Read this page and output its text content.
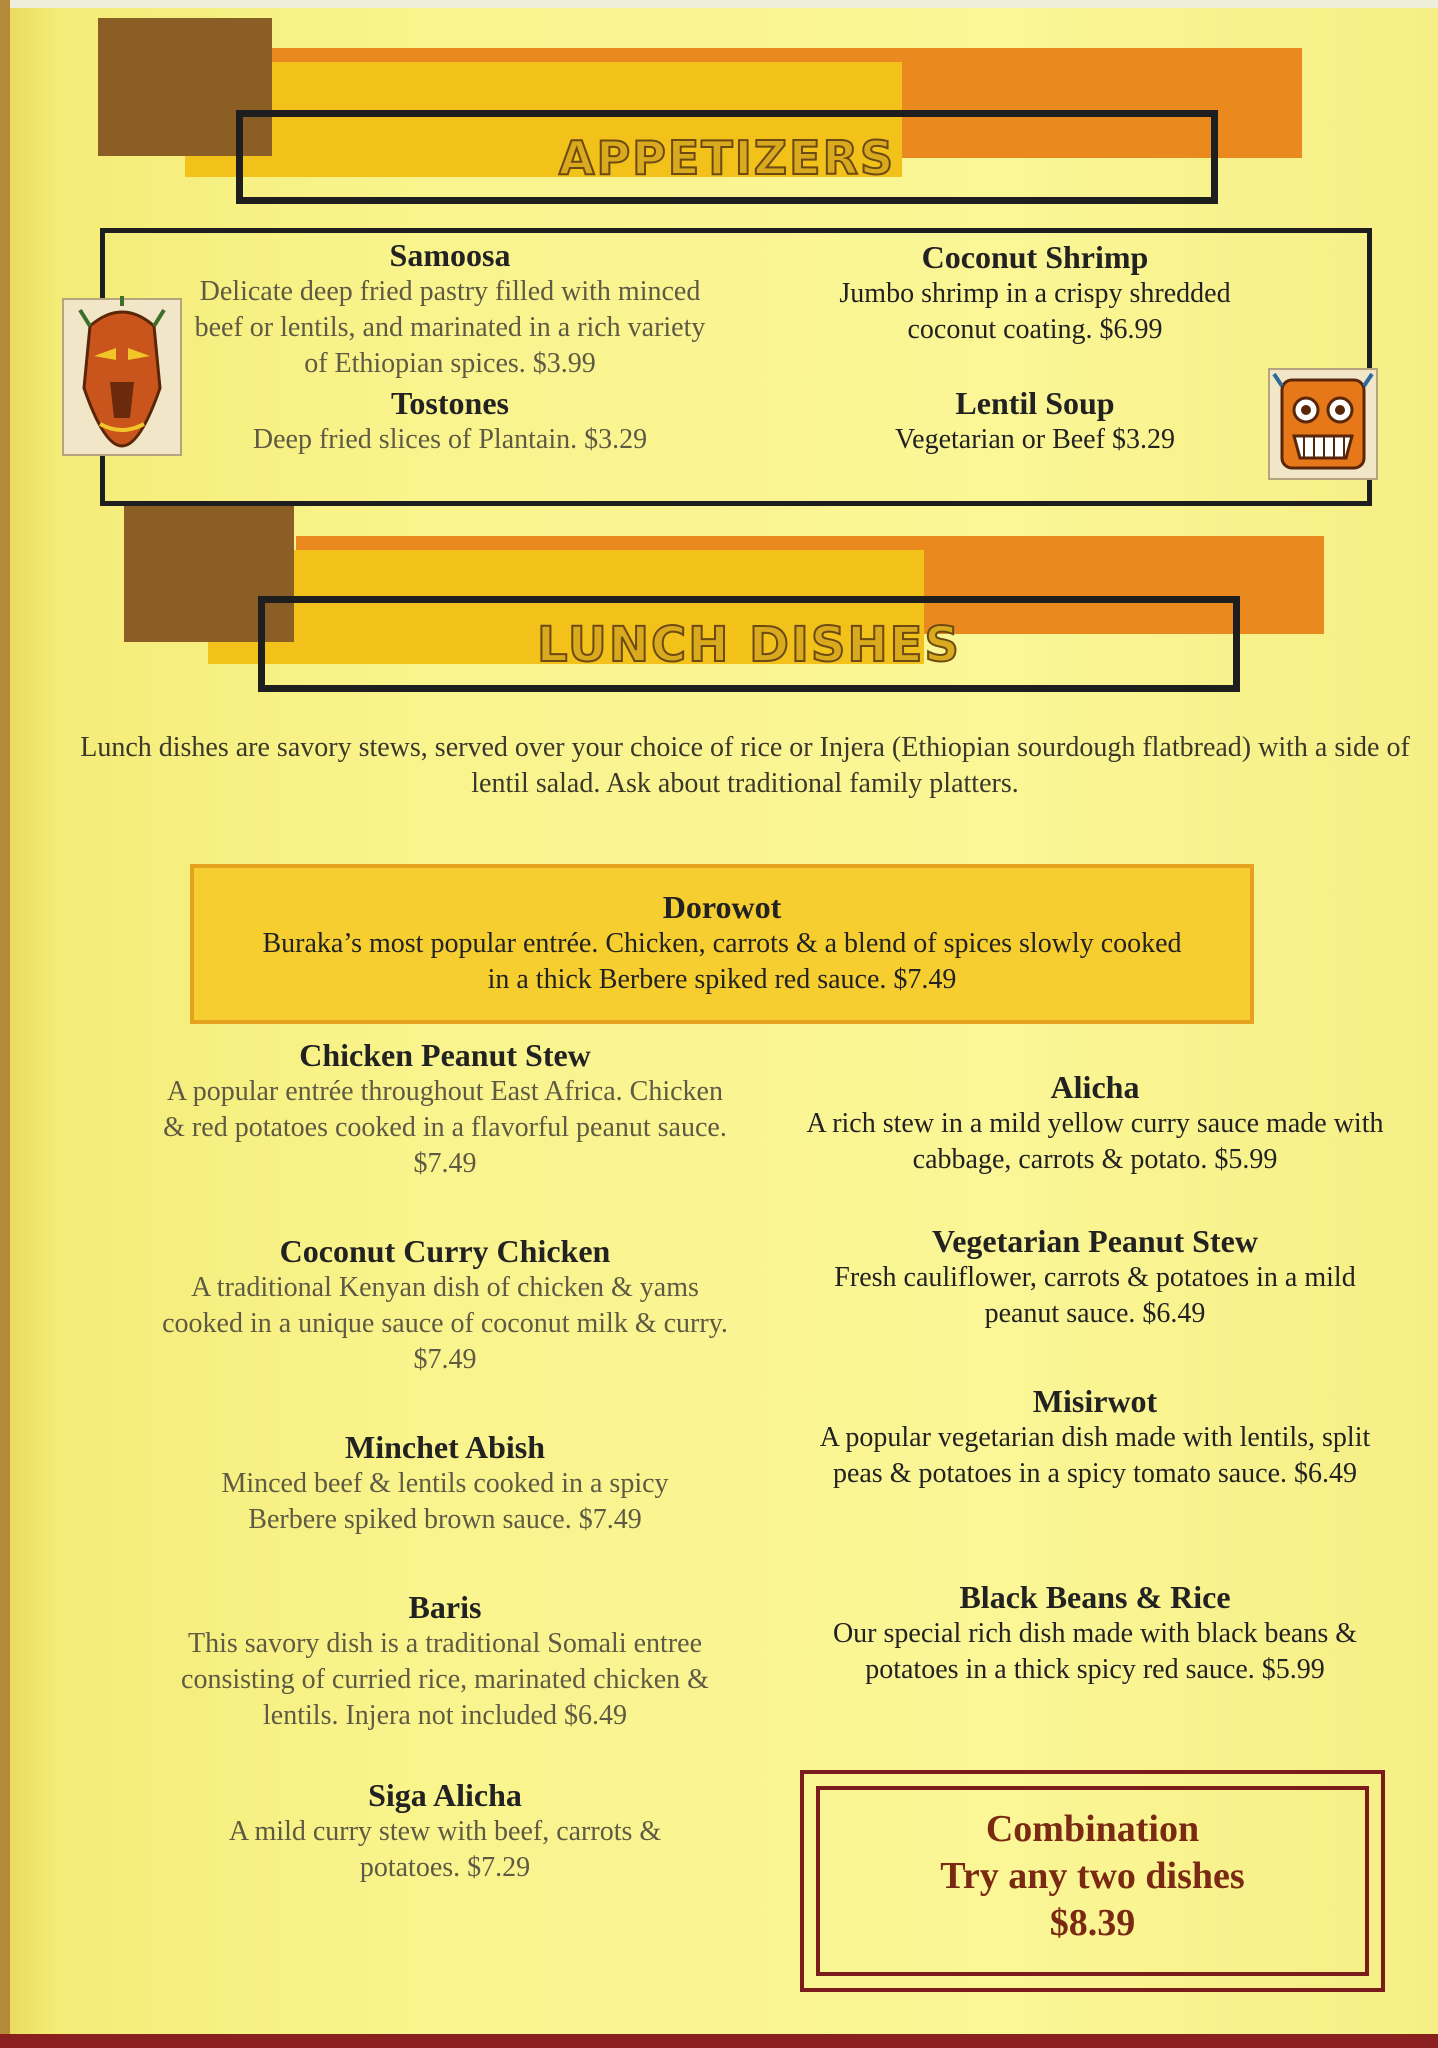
APPETIZERS
Samoosa
Delicate deep fried pastry filled with minced beef or lentils, and marinated in a rich variety of Ethiopian spices. $3.99
Tostones
Deep fried slices of Plantain. $3.29
Coconut Shrimp
Jumbo shrimp in a crispy shredded coconut coating. $6.99
Lentil Soup
Vegetarian or Beef $3.29
LUNCH DISHES
Lunch dishes are savory stews, served over your choice of rice or Injera (Ethiopian sourdough flatbread) with a side of lentil salad. Ask about traditional family platters.
Dorowot
Buraka’s most popular entrée. Chicken, carrots & a blend of spices slowly cooked in a thick Berbere spiked red sauce. $7.49
Chicken Peanut Stew
A popular entrée throughout East Africa. Chicken & red potatoes cooked in a flavorful peanut sauce. $7.49
Coconut Curry Chicken
A traditional Kenyan dish of chicken & yams cooked in a unique sauce of coconut milk & curry. $7.49
Minchet Abish
Minced beef & lentils cooked in a spicy Berbere spiked brown sauce. $7.49
Baris
This savory dish is a traditional Somali entree consisting of curried rice, marinated chicken & lentils. Injera not included $6.49
Siga Alicha
A mild curry stew with beef, carrots & potatoes. $7.29
Alicha
A rich stew in a mild yellow curry sauce made with cabbage, carrots & potato. $5.99
Vegetarian Peanut Stew
Fresh cauliflower, carrots & potatoes in a mild peanut sauce. $6.49
Misirwot
A popular vegetarian dish made with lentils, split peas & potatoes in a spicy tomato sauce. $6.49
Black Beans & Rice
Our special rich dish made with black beans & potatoes in a thick spicy red sauce. $5.99
Combination
Try any two dishes
$8.39
